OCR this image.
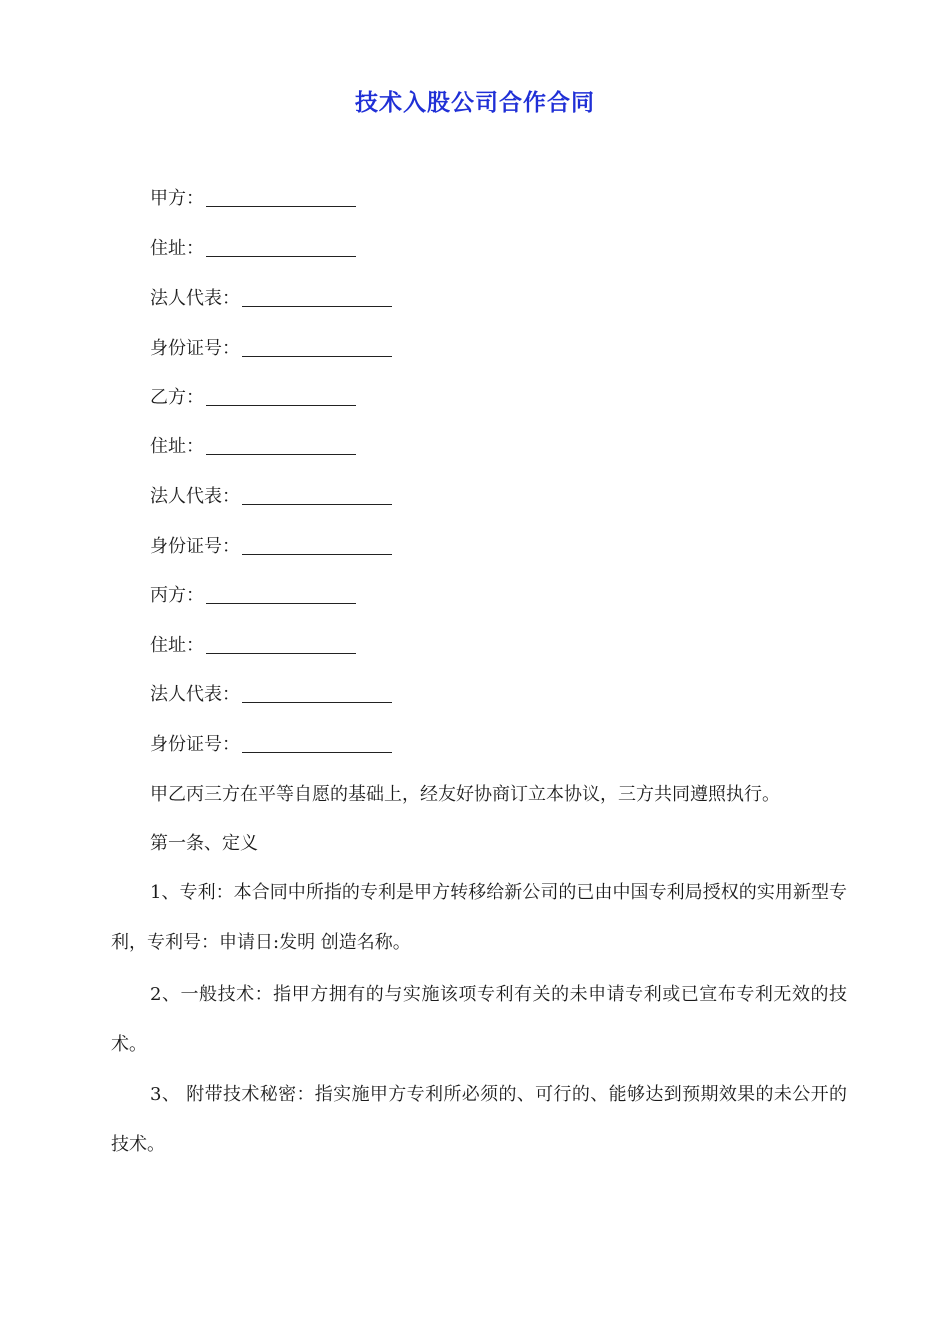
技术入股公司合作合同
甲方：
住址：
法人代表：
身份证号：
乙方：
住址：
法人代表：
身份证号：
丙方：
住址：
法人代表：
身份证号：
甲乙丙三方在平等自愿的基础上，经友好协商订立本协议，三方共同遵照执行。
第一条、定义
1、专利：本合同中所指的专利是甲方转移给新公司的已由中国专利局授权的实用新型专利，专利号：申请日:发明 创造名称。
2、一般技术：指甲方拥有的与实施该项专利有关的未申请专利或已宣布专利无效的技术。
3、 附带技术秘密：指实施甲方专利所必须的、可行的、能够达到预期效果的未公开的技术。
